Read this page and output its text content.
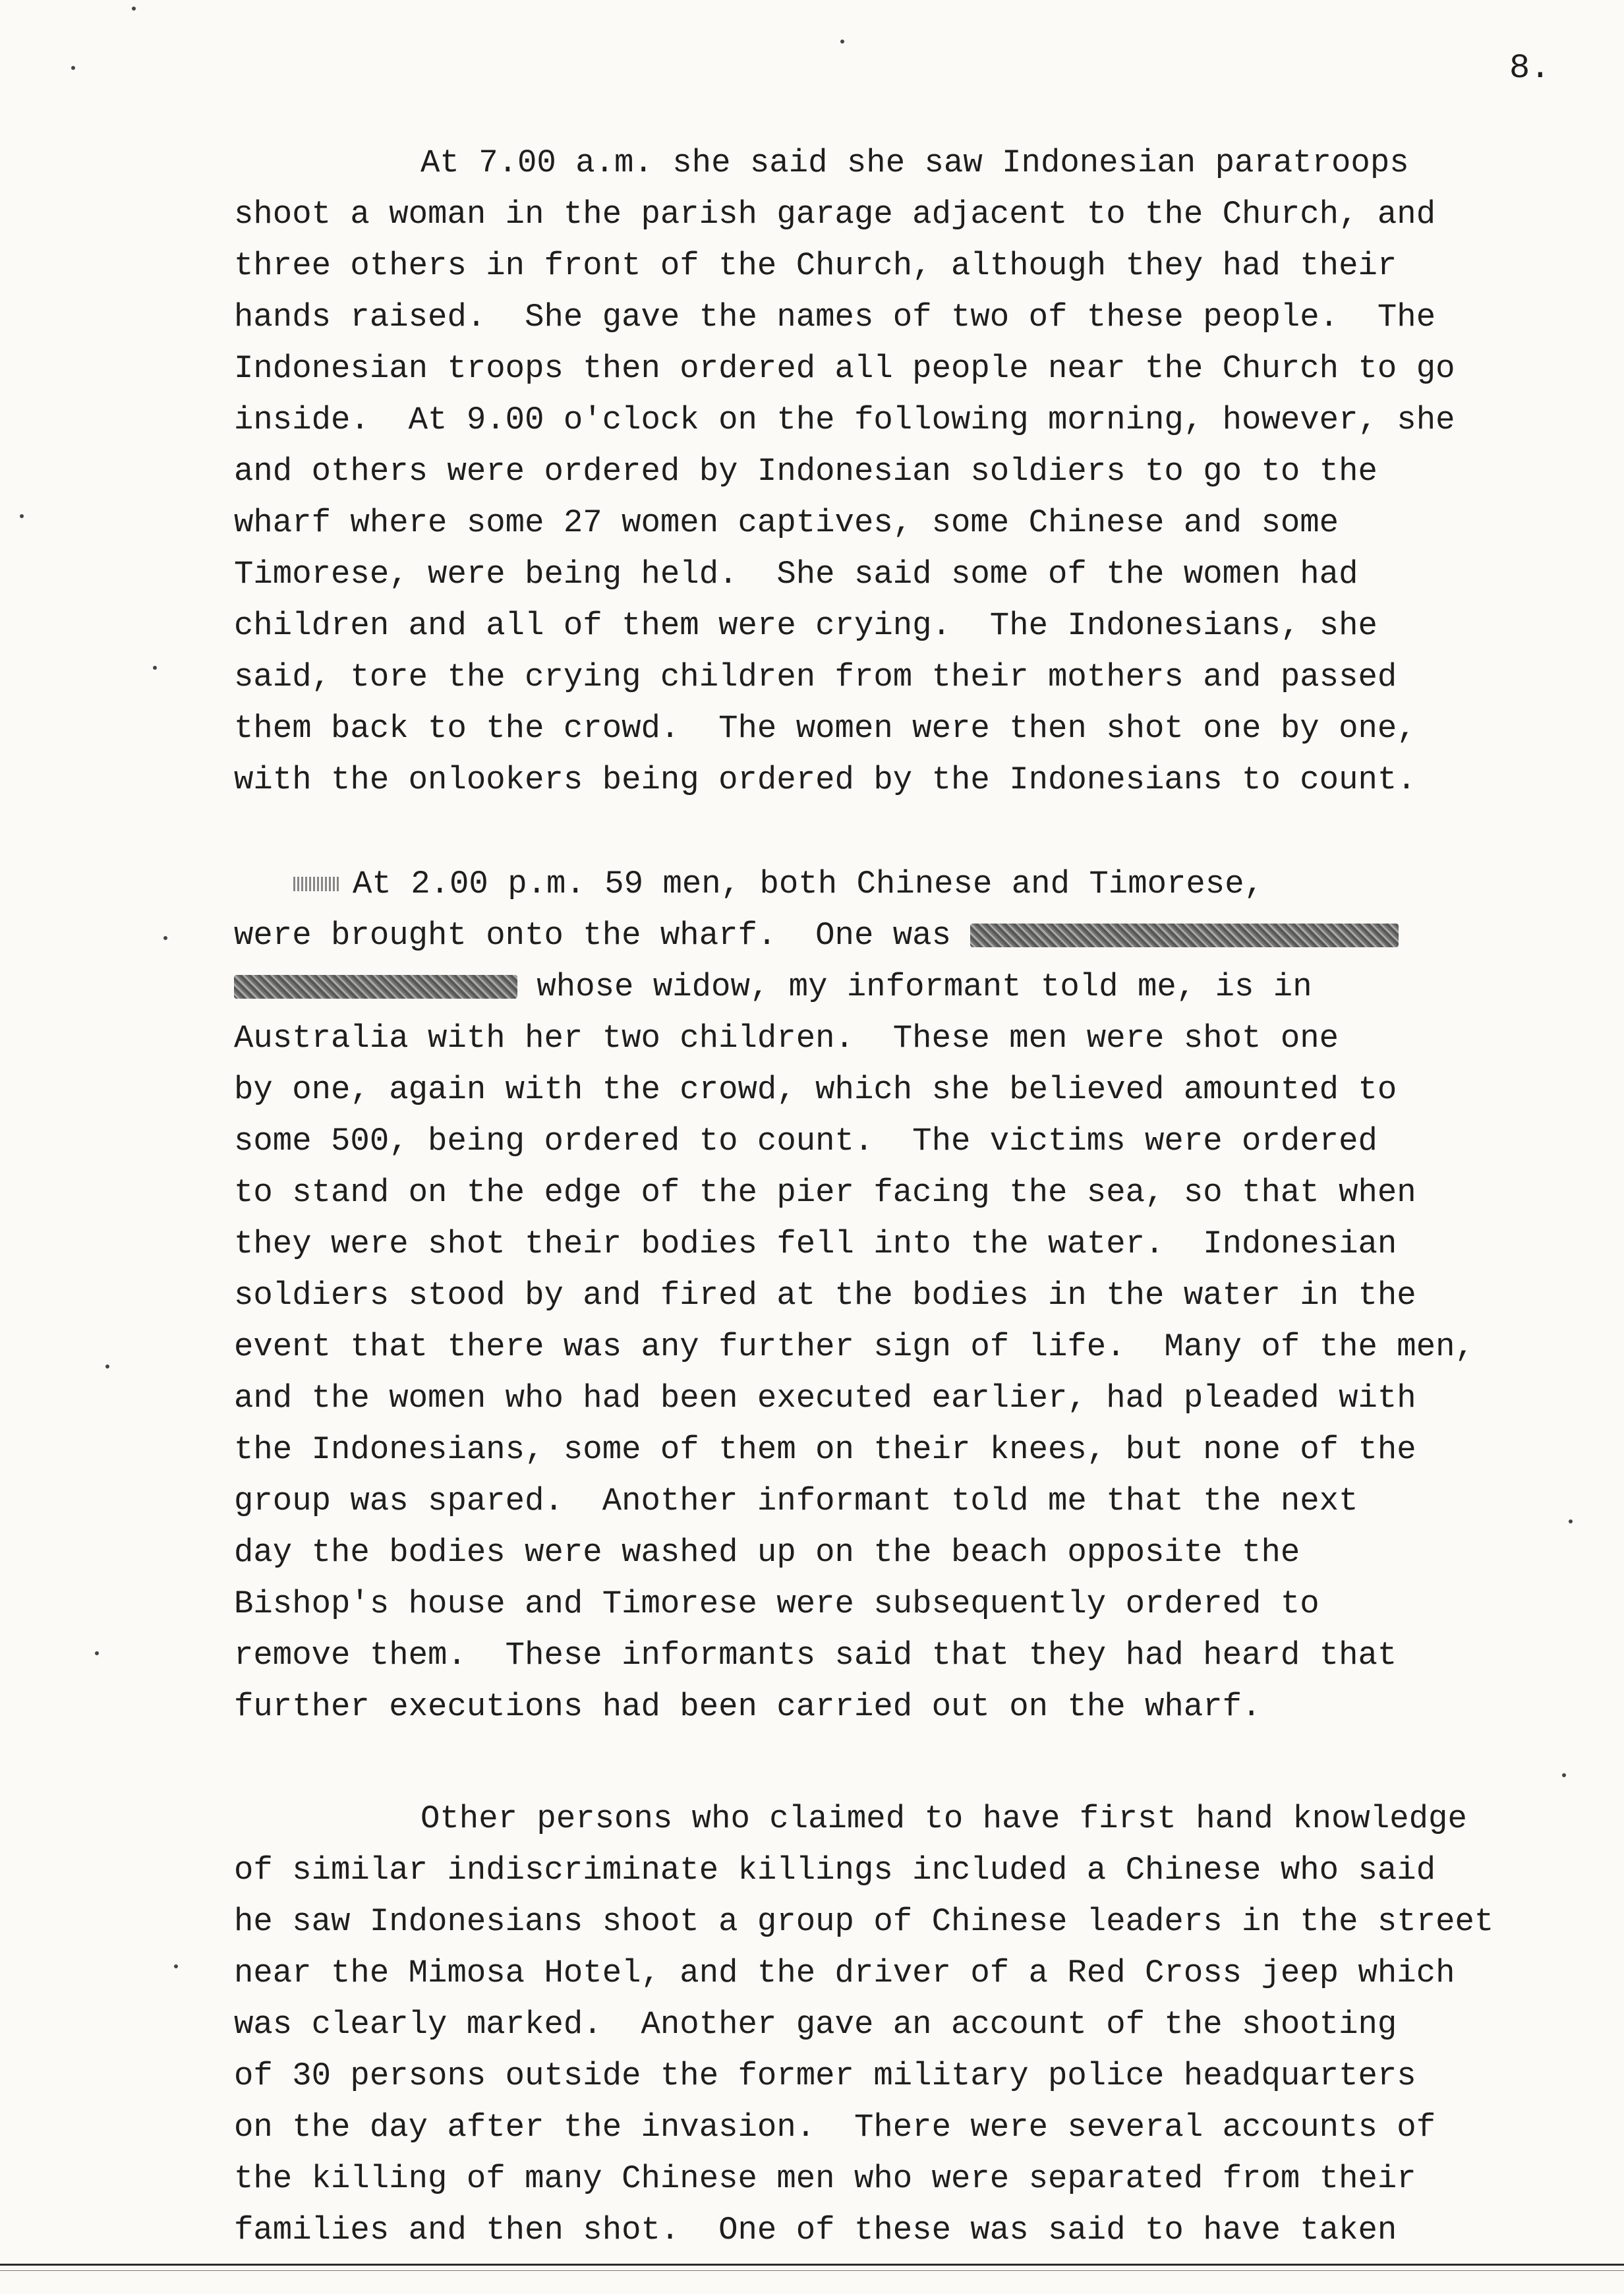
8.
At 7.00 a.m. she said she saw Indonesian paratroops
shoot a woman in the parish garage adjacent to the Church, and
three others in front of the Church, although they had their
hands raised.  She gave the names of two of these people.  The
Indonesian troops then ordered all people near the Church to go
inside.  At 9.00 o'clock on the following morning, however, she
and others were ordered by Indonesian soldiers to go to the
wharf where some 27 women captives, some Chinese and some
Timorese, were being held.  She said some of the women had
children and all of them were crying.  The Indonesians, she
said, tore the crying children from their mothers and passed
them back to the crowd.  The women were then shot one by one,
with the onlookers being ordered by the Indonesians to count.
At 2.00 p.m. 59 men, both Chinese and Timorese,
were brought onto the wharf.  One was
whose widow, my informant told me, is in
Australia with her two children.  These men were shot one
by one, again with the crowd, which she believed amounted to
some 500, being ordered to count.  The victims were ordered
to stand on the edge of the pier facing the sea, so that when
they were shot their bodies fell into the water.  Indonesian
soldiers stood by and fired at the bodies in the water in the
event that there was any further sign of life.  Many of the men,
and the women who had been executed earlier, had pleaded with
the Indonesians, some of them on their knees, but none of the
group was spared.  Another informant told me that the next
day the bodies were washed up on the beach opposite the
Bishop's house and Timorese were subsequently ordered to
remove them.  These informants said that they had heard that
further executions had been carried out on the wharf.
Other persons who claimed to have first hand knowledge
of similar indiscriminate killings included a Chinese who said
he saw Indonesians shoot a group of Chinese leaders in the street
near the Mimosa Hotel, and the driver of a Red Cross jeep which
was clearly marked.  Another gave an account of the shooting
of 30 persons outside the former military police headquarters
on the day after the invasion.  There were several accounts of
the killing of many Chinese men who were separated from their
families and then shot.  One of these was said to have taken
